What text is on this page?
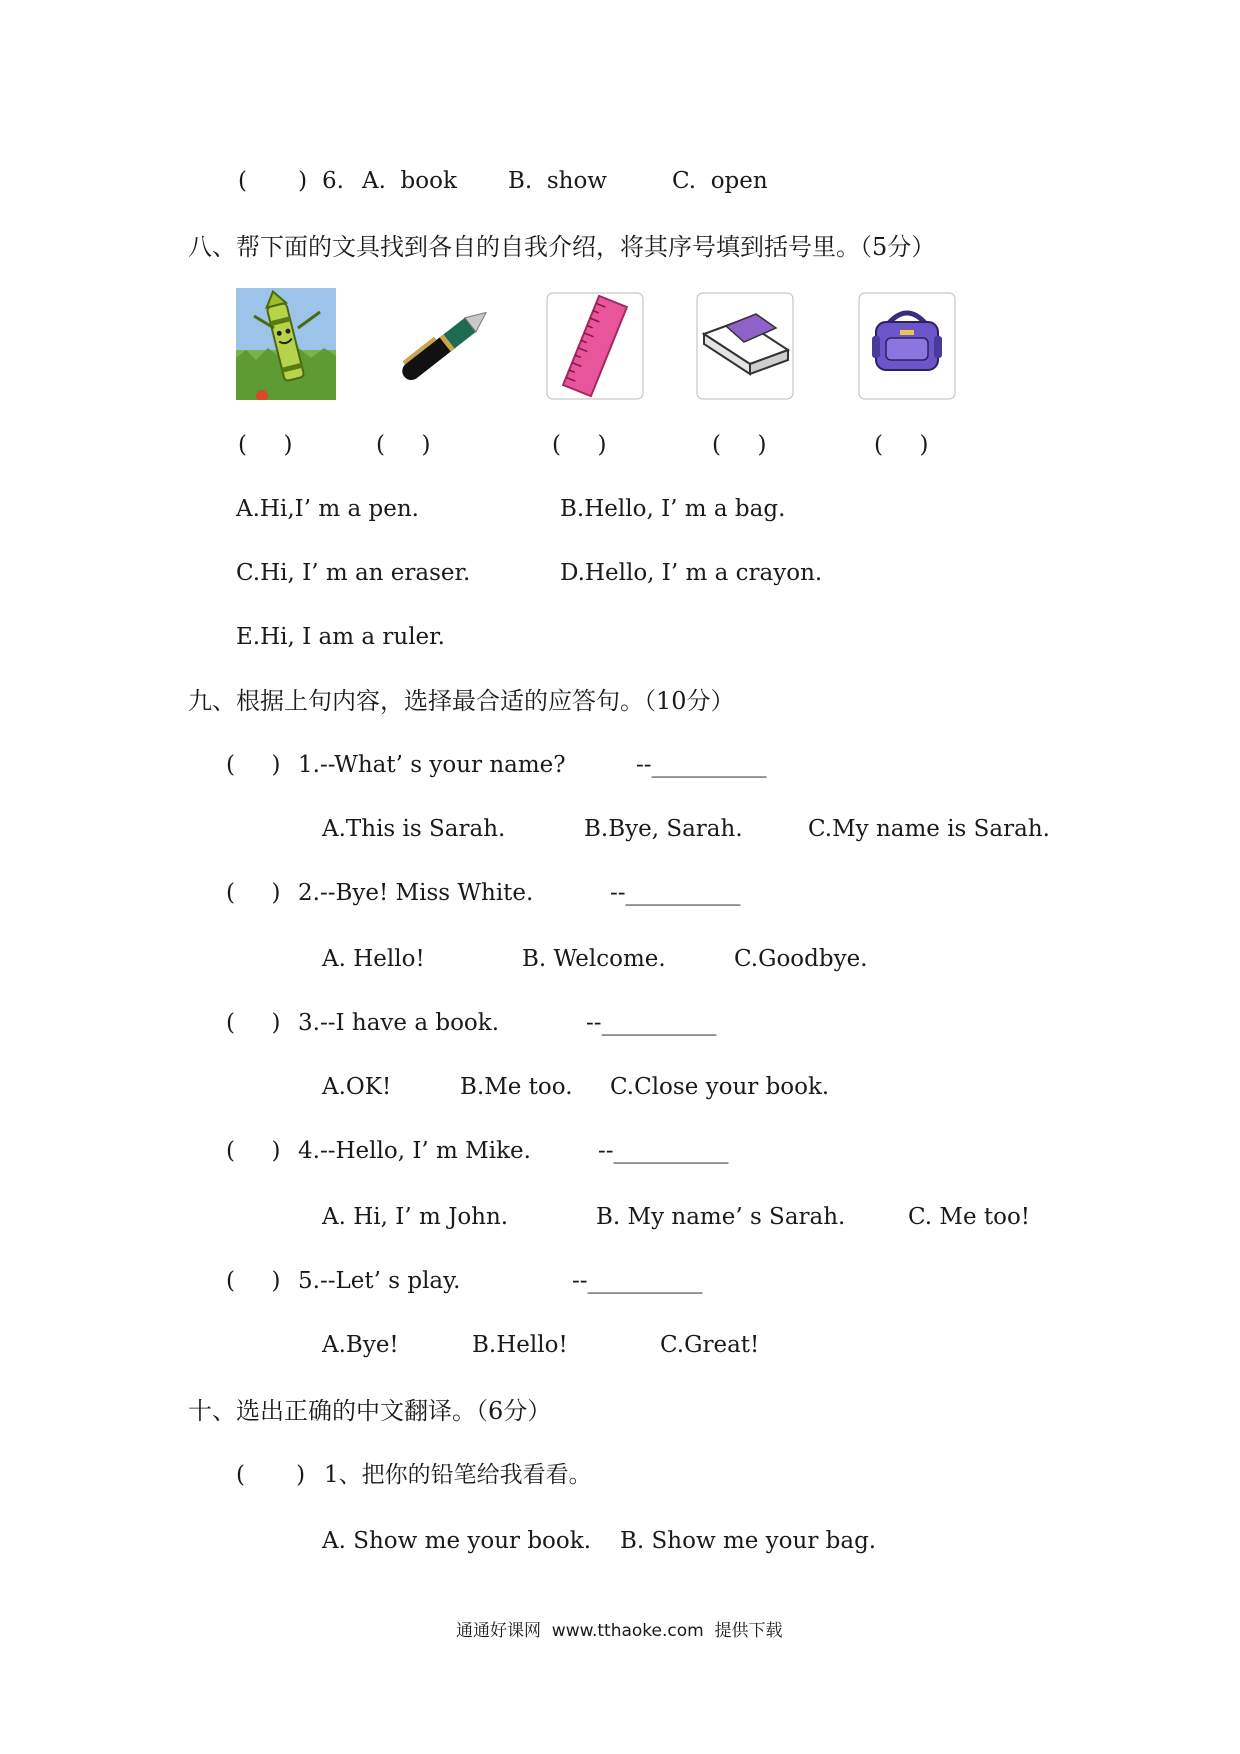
(       ) 6. A.  book B.  show	C.  open
八、帮下面的文具找到各自的自我介绍，将其序号填到括号里。（5分）
(     )	(     )	(     )	(     )	(     )
A.Hi,I’ m a pen.	B.Hello, I’ m a bag.
C.Hi, I’ m an eraser.	D.Hello, I’ m a crayon.
E.Hi, I am a ruler.
九、根据上句内容，选择最合适的应答句。（10分）
(     ) 1.--What’ s your name?	--__________
A.This is Sarah.	B.Bye, Sarah.	C.My name is Sarah.
(     ) 2.--Bye! Miss White.	--__________
A. Hello!	B. Welcome.	C.Goodbye.
(     ) 3.--I have a book.	--__________
A.OK!	B.Me too. C.Close your book.
(     ) 4.--Hello, I’ m Mike.	--__________
A. Hi, I’ m John.	B. My name’ s Sarah.	C. Me too!
(     ) 5.--Let’ s play.	--__________
A.Bye!	B.Hello!	C.Great!
十、选出正确的中文翻译。（6分）
(       ) 1、把你的铅笔给我看看。
A. Show me your book. B. Show me your bag.
通通好课网  www.tthaoke.com  提供下载
